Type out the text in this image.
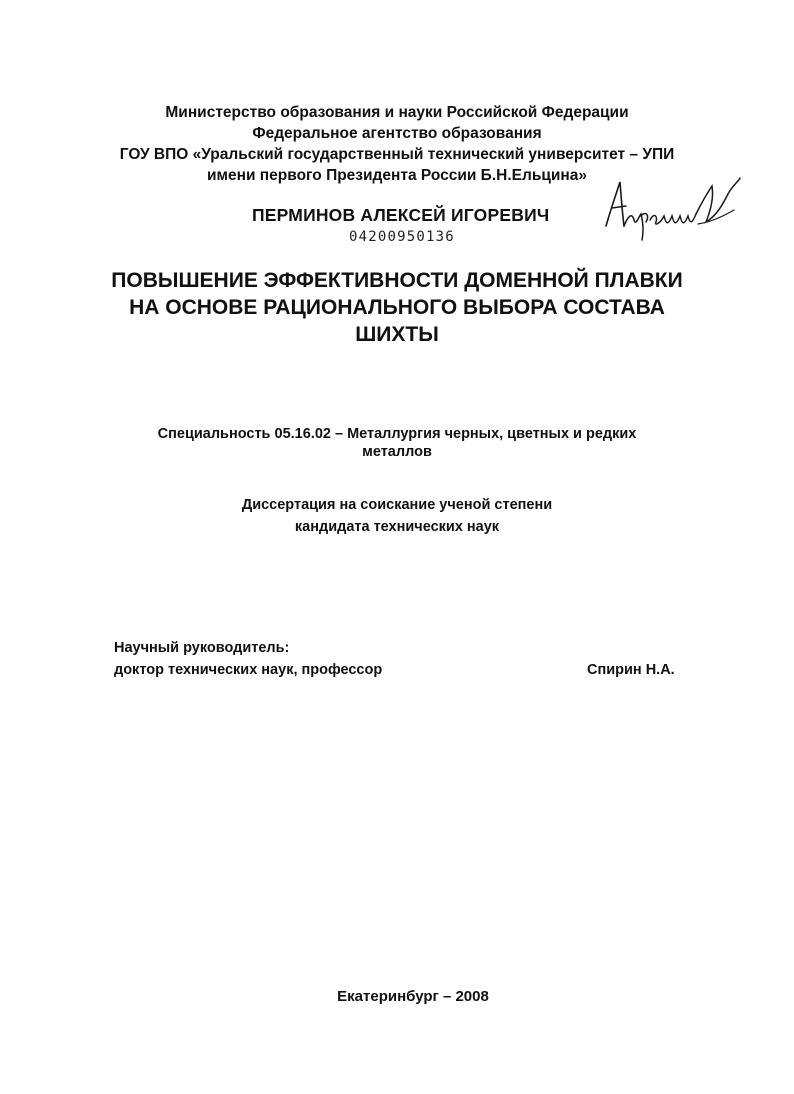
Министерство образования и науки Российской Федерации
Федеральное агентство образования
ГОУ ВПО «Уральский государственный технический университет – УПИ
имени первого Президента России Б.Н.Ельцина»
ПЕРМИНОВ АЛЕКСЕЙ ИГОРЕВИЧ
04200950136
ПОВЫШЕНИЕ ЭФФЕКТИВНОСТИ ДОМЕННОЙ ПЛАВКИ
НА ОСНОВЕ РАЦИОНАЛЬНОГО ВЫБОРА СОСТАВА
ШИХТЫ
Специальность 05.16.02 – Металлургия черных, цветных и редких
металлов
Диссертация на соискание ученой степени
кандидата технических наук
Научный руководитель:
доктор технических наук, профессор	Спирин Н.А.
Екатеринбург – 2008
